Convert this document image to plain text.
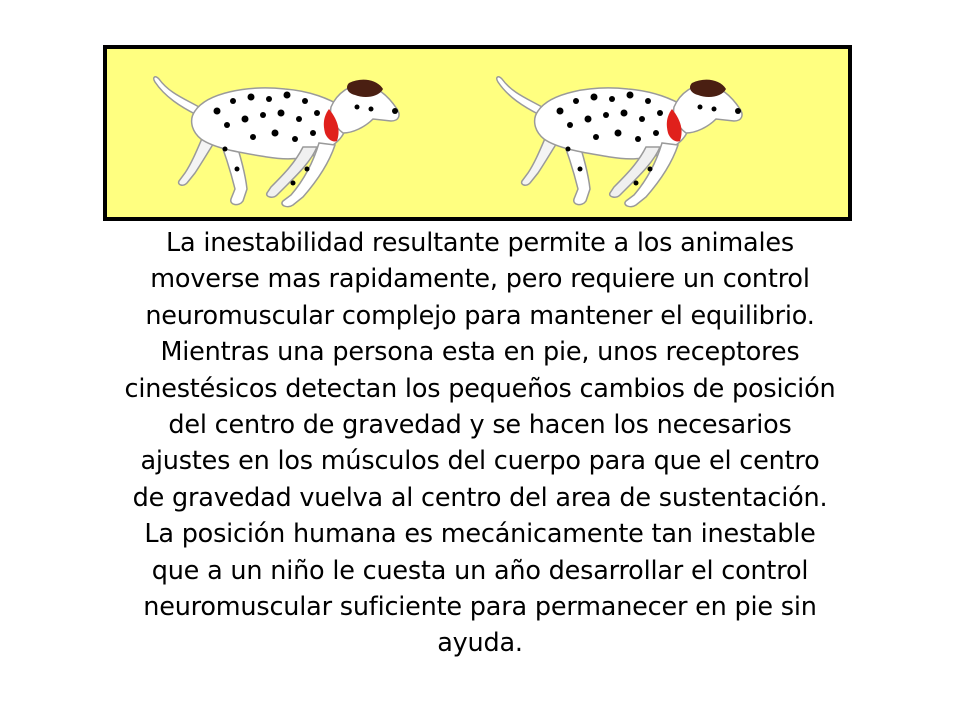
La inestabilidad resultante permite a los animales
moverse mas rapidamente, pero requiere un control
neuromuscular complejo para mantener el equilibrio.
Mientras una persona esta en pie, unos receptores
cinestésicos detectan los pequeños cambios de posición
del centro de gravedad y se hacen los necesarios
ajustes en los músculos del cuerpo para que el centro
de gravedad vuelva al centro del area de sustentación.
La posición humana es mecánicamente tan inestable
que a un niño le cuesta un año desarrollar el control
neuromuscular suficiente para permanecer en pie sin
ayuda.
